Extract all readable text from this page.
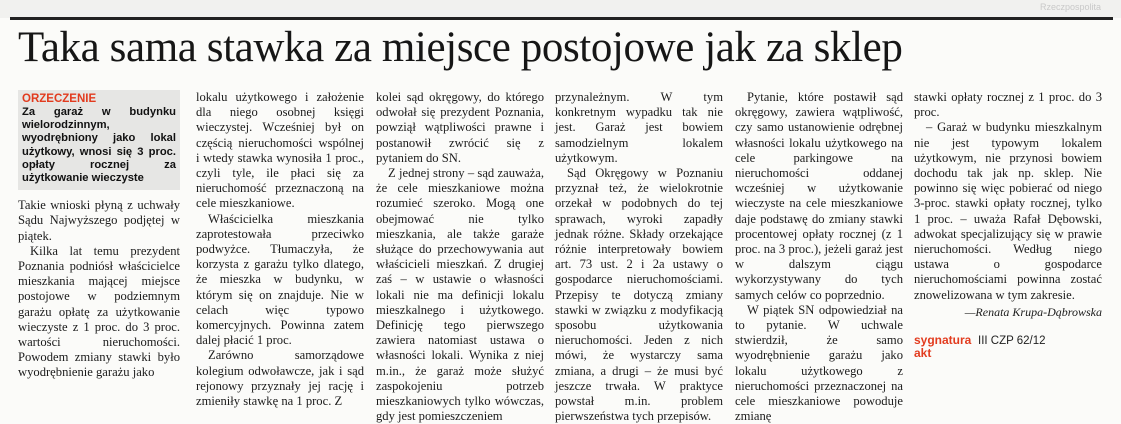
Rzeczpospolita
Taka sama stawka za miejsce postojowe jak za sklep
ORZECZENIE
Za garaż w budynku wielorodzinnym, wyodrębniony jako lokal użytkowy, wnosi się 3 proc. opłaty rocznej za użytkowanie wieczyste

Takie wnioski płyną z uchwały Sądu Najwyższego podjętej w piątek.

Kilka lat temu prezydent Poznania podniósł właścicielce mieszkania mającej miejsce postojowe w podziemnym garażu opłatę za użytkowanie wieczyste z 1 proc. do 3 proc. wartości nieruchomości. Powodem zmiany stawki było wyodrębnienie garażu jako

lokalu użytkowego i założenie dla niego osobnej księgi wieczystej. Wcześniej był on częścią nieruchomości wspólnej i wtedy stawka wynosiła 1 proc., czyli tyle, ile płaci się za nieruchomość przeznaczoną na cele mieszkaniowe.

Właścicielka mieszkania zaprotestowała przeciwko podwyżce. Tłumaczyła, że korzysta z garażu tylko dlatego, że mieszka w budynku, w którym się on znajduje. Nie w celach więc typowo komercyjnych. Powinna zatem dalej płacić 1 proc.

Zarówno samorządowe kolegium odwoławcze, jak i sąd rejonowy przyznały jej rację i zmieniły stawkę na 1 proc. Z

kolei sąd okręgowy, do którego odwołał się prezydent Poznania, powziął wątpliwości prawne i postanowił zwrócić się z pytaniem do SN.

Z jednej strony – sąd zauważa, że cele mieszkaniowe można rozumieć szeroko. Mogą one obejmować nie tylko mieszkania, ale także garaże służące do przechowywania aut właścicieli mieszkań. Z drugiej zaś – w ustawie o własności lokali nie ma definicji lokalu mieszkalnego i użytkowego. Definicję tego pierwszego zawiera natomiast ustawa o własności lokali. Wynika z niej m.in., że garaż może służyć zaspokojeniu potrzeb mieszkaniowych tylko wówczas, gdy jest pomieszczeniem

przynależnym. W tym konkretnym wypadku tak nie jest. Garaż jest bowiem samodzielnym lokalem użytkowym.

Sąd Okręgowy w Poznaniu przyznał też, że wielokrotnie orzekał w podobnych do tej sprawach, wyroki zapadły jednak różne. Składy orzekające różnie interpretowały bowiem art. 73 ust. 2 i 2a ustawy o gospodarce nieruchomościami. Przepisy te dotyczą zmiany stawki w związku z modyfikacją sposobu użytkowania nieruchomości. Jeden z nich mówi, że wystarczy sama zmiana, a drugi – że musi być jeszcze trwała. W praktyce powstał m.in. problem pierwszeństwa tych przepisów.

Pytanie, które postawił sąd okręgowy, zawiera wątpliwość, czy samo ustanowienie odrębnej własności lokalu użytkowego na cele parkingowe na nieruchomości oddanej wcześniej w użytkowanie wieczyste na cele mieszkaniowe daje podstawę do zmiany stawki procentowej opłaty rocznej (z 1 proc. na 3 proc.), jeżeli garaż jest w dalszym ciągu wykorzystywany do tych samych celów co poprzednio.

W piątek SN odpowiedział na to pytanie. W uchwale stwierdził, że samo wyodrębnienie garażu jako lokalu użytkowego z nieruchomości przeznaczonej na cele mieszkaniowe powoduje zmianę

stawki opłaty rocznej z 1 proc. do 3 proc.

– Garaż w budynku mieszkalnym nie jest typowym lokalem użytkowym, nie przynosi bowiem dochodu tak jak np. sklep. Nie powinno się więc pobierać od niego 3-proc. stawki opłaty rocznej, tylko 1 proc. – uważa Rafał Dębowski, adwokat specjalizujący się w prawie nieruchomości. Według niego ustawa o gospodarce nieruchomościami powinna zostać znowelizowana w tym zakresie.

—Renata Krupa-Dąbrowska
sygnatura akt
III CZP 62/12
